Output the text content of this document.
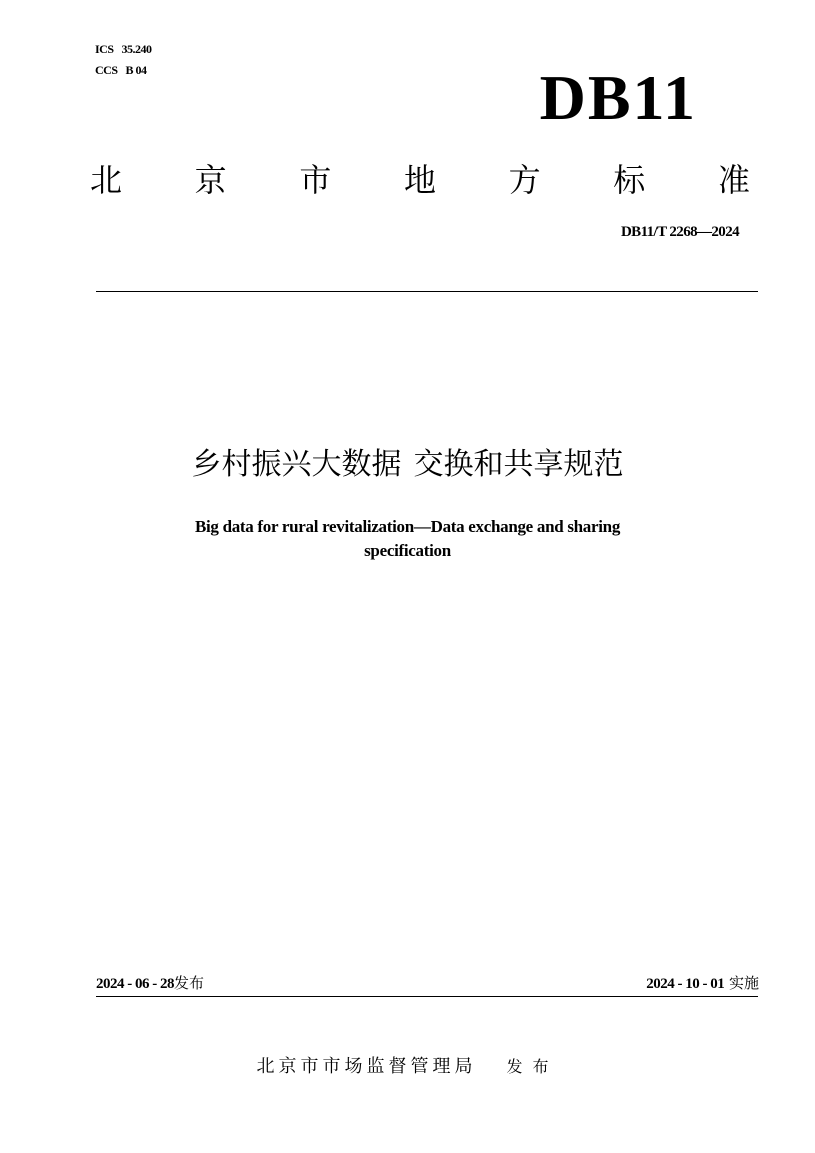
ICS 35.240
CCS B 04	DB11
北 京 市 地 方 标 准
DB11/T 2268—2024
乡村振兴大数据 交换和共享规范
Big data for rural revitalization—Data exchange and sharing
specification
2024 - 06 - 28发布	2024 - 10 - 01 实施
北京市市场监督管理局 发布
